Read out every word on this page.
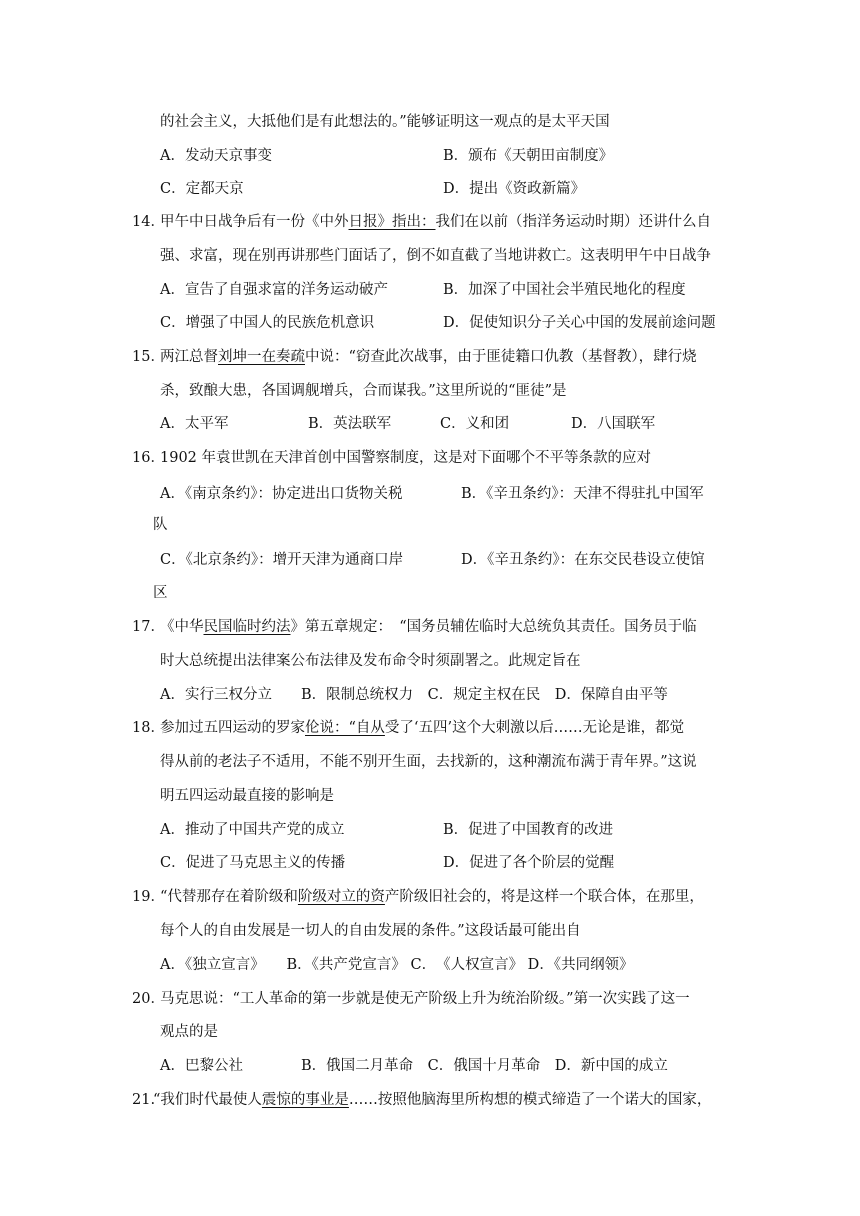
的社会主义，大抵他们是有此想法的。”能够证明这一观点的是太平天国
A．发动天京事变	B．颁布《天朝田亩制度》
C．定都天京	D．提出《资政新篇》
14．
甲午中日战争后有一份《中外日报》指出：我们在以前（指洋务运动时期）还讲什么自
强、求富，现在别再讲那些门面话了，倒不如直截了当地讲救亡。这表明甲午中日战争
A．宣告了自强求富的洋务运动破产	B．加深了中国社会半殖民地化的程度
C．增强了中国人的民族危机意识	D．促使知识分子关心中国的发展前途问题
15．
两江总督刘坤一在奏疏中说：“窃查此次战事，由于匪徒籍口仇教（基督教），肆行烧
杀，致酿大患，各国调舰增兵，合而谋我。”这里所说的“匪徒”是
A．太平军	B．英法联军	C．义和团	D．八国联军
16．
1902 年袁世凯在天津首创中国警察制度，这是对下面哪个不平等条款的应对
A．《南京条约》：协定进出口货物关税	B．《辛丑条约》：天津不得驻扎中国军
队
C．《北京条约》：增开天津为通商口岸	D．《辛丑条约》：在东交民巷设立使馆
区
17．
《中华民国临时约法》第五章规定：　“国务员辅佐临时大总统负其责任。国务员于临
时大总统提出法律案公布法律及发布命令时须副署之。此规定旨在
A．实行三权分立　　B．限制总统权力　C．规定主权在民　D．保障自由平等
18．
参加过五四运动的罗家伦说：“自从受了‘五四’这个大刺激以后……无论是谁，都觉
得从前的老法子不适用，不能不别开生面，去找新的，这种潮流布满于青年界。”这说
明五四运动最直接的影响是
A．推动了中国共产党的成立	B．促进了中国教育的改进
C．促进了马克思主义的传播	D．促进了各个阶层的觉醒
19．
“代替那存在着阶级和阶级对立的资产阶级旧社会的，将是这样一个联合体，在那里，
每个人的自由发展是一切人的自由发展的条件。”这段话最可能出自
A．《独立宣言》　　B．《共产党宣言》 C．　《人权宣言》 D．《共同纲领》
20．
马克思说：“工人革命的第一步就是使无产阶级上升为统治阶级。”第一次实践了这一
观点的是
A．巴黎公社　　　　B．俄国二月革命　C．俄国十月革命　D．新中国的成立
21.
“我们时代最使人震惊的事业是……按照他脑海里所构想的模式缔造了一个诺大的国家，
